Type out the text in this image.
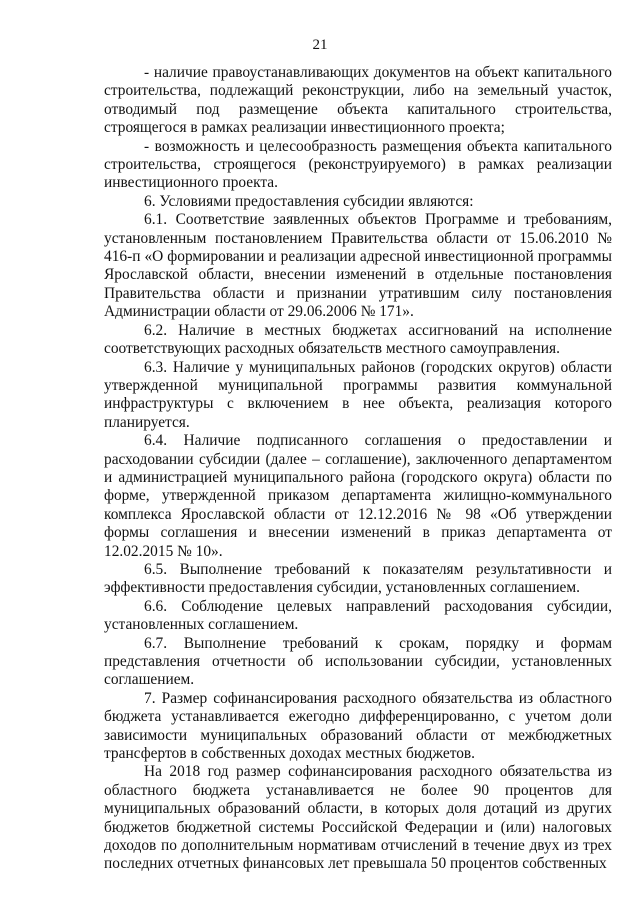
21

- наличие правоустанавливающих документов на объект капитального строительства, подлежащий реконструкции, либо на земельный участок, отводимый под размещение объекта капитального строительства, строящегося в рамках реализации инвестиционного проекта;

- возможность и целесообразность размещения объекта капитального строительства, строящегося (реконструируемого) в рамках реализации инвестиционного проекта.

6. Условиями предоставления субсидии являются:

6.1. Соответствие заявленных объектов Программе и требованиям, установленным постановлением Правительства области от 15.06.2010 № 416-п «О формировании и реализации адресной инвестиционной программы Ярославской области, внесении изменений в отдельные постановления Правительства области и признании утратившим силу постановления Администрации области от 29.06.2006 № 171».

6.2. Наличие в местных бюджетах ассигнований на исполнение соответствующих расходных обязательств местного самоуправления.

6.3. Наличие у муниципальных районов (городских округов) области утвержденной муниципальной программы развития коммунальной инфраструктуры с включением в нее объекта, реализация которого планируется.

6.4. Наличие подписанного соглашения о предоставлении и расходовании субсидии (далее – соглашение), заключенного департаментом и администрацией муниципального района (городского округа) области по форме, утвержденной приказом департамента жилищно-коммунального комплекса Ярославской области от 12.12.2016 № 98 «Об утверждении формы соглашения и внесении изменений в приказ департамента от 12.02.2015 № 10».

6.5. Выполнение требований к показателям результативности и эффективности предоставления субсидии, установленных соглашением.

6.6. Соблюдение целевых направлений расходования субсидии, установленных соглашением.

6.7. Выполнение требований к срокам, порядку и формам представления отчетности об использовании субсидии, установленных соглашением.

7. Размер софинансирования расходного обязательства из областного бюджета устанавливается ежегодно дифференцированно, с учетом доли зависимости муниципальных образований области от межбюджетных трансфертов в собственных доходах местных бюджетов.

На 2018 год размер софинансирования расходного обязательства из областного бюджета устанавливается не более 90 процентов для муниципальных образований области, в которых доля дотаций из других бюджетов бюджетной системы Российской Федерации и (или) налоговых доходов по дополнительным нормативам отчислений в течение двух из трех последних отчетных финансовых лет превышала 50 процентов собственных
